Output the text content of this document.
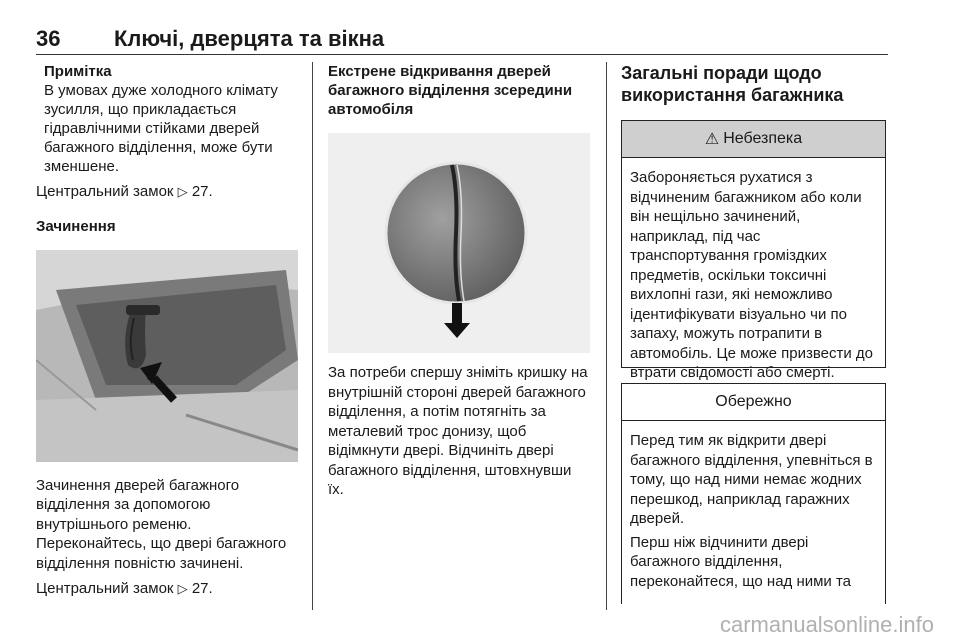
36 Ключі, дверцята та вікна
Примітка
В умовах дуже холодного клімату зусилля, що прикладається гідравлічними стійками дверей багажного відділення, може бути зменшене.

Центральний замок ▷ 27.

Зачинення

Зачинення дверей багажного відділення за допомогою внутрішнього ременю.

Переконайтесь, що двері багажного відділення повністю зачинені.

Центральний замок ▷ 27.

Екстрене відкривання дверей багажного відділення зсередини автомобіля

За потреби спершу зніміть кришку на внутрішній стороні дверей багажного відділення, а потім потягніть за металевий трос донизу, щоб відімкнути двері. Відчиніть двері багажного відділення, штовхнувши їх.

Загальні поради щодо використання багажника
⚠ Небезпека

Забороняється рухатися з відчиненим багажником або коли він нещільно зачинений, наприклад, під час транспортування громіздких предметів, оскільки токсичні вихлопні гази, які неможливо ідентифікувати візуально чи по запаху, можуть потрапити в автомобіль. Це може призвести до втрати свідомості або смерті.

Обережно

Перед тим як відкрити двері багажного відділення, упевніться в тому, що над ними немає жодних перешкод, наприклад гаражних дверей.

Перш ніж відчинити двері багажного відділення, переконайтеся, що над ними та

carmanualsonline.info
